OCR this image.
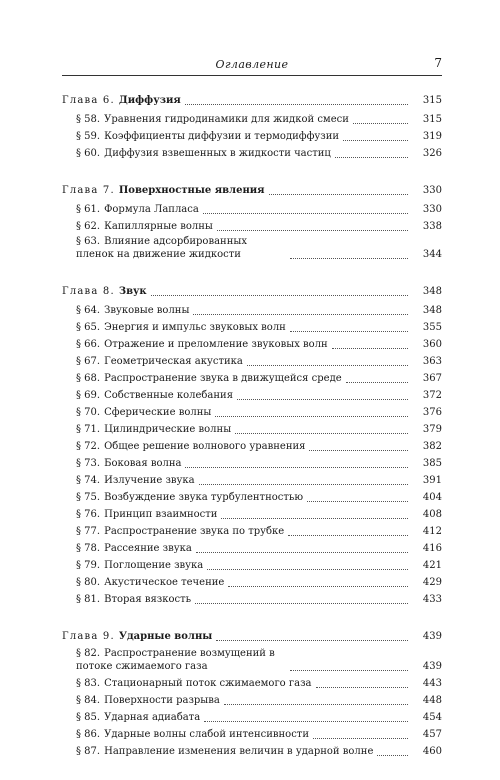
Оглавление	7
Глава 6. Диффузия	315
§ 58. Уравнения гидродинамики для жидкой смеси	315
§ 59. Коэффициенты диффузии и термодиффузии	319
§ 60. Диффузия взвешенных в жидкости частиц	326
Глава 7. Поверхностные явления	330
§ 61. Формула Лапласа	330
§ 62. Капиллярные волны	338
§ 63. Влияние адсорбированных пленок на движение жидкости	344
Глава 8. Звук	348
§ 64. Звуковые волны	348
§ 65. Энергия и импульс звуковых волн	355
§ 66. Отражение и преломление звуковых волн	360
§ 67. Геометрическая акустика	363
§ 68. Распространение звука в движущейся среде	367
§ 69. Собственные колебания	372
§ 70. Сферические волны	376
§ 71. Цилиндрические волны	379
§ 72. Общее решение волнового уравнения	382
§ 73. Боковая волна	385
§ 74. Излучение звука	391
§ 75. Возбуждение звука турбулентностью	404
§ 76. Принцип взаимности	408
§ 77. Распространение звука по трубке	412
§ 78. Рассеяние звука	416
§ 79. Поглощение звука	421
§ 80. Акустическое течение	429
§ 81. Вторая вязкость	433
Глава 9. Ударные волны	439
§ 82. Распространение возмущений в потоке сжимаемого газа	439
§ 83. Стационарный поток сжимаемого газа	443
§ 84. Поверхности разрыва	448
§ 85. Ударная адиабата	454
§ 86. Ударные волны слабой интенсивности	457
§ 87. Направление изменения величин в ударной волне	460
